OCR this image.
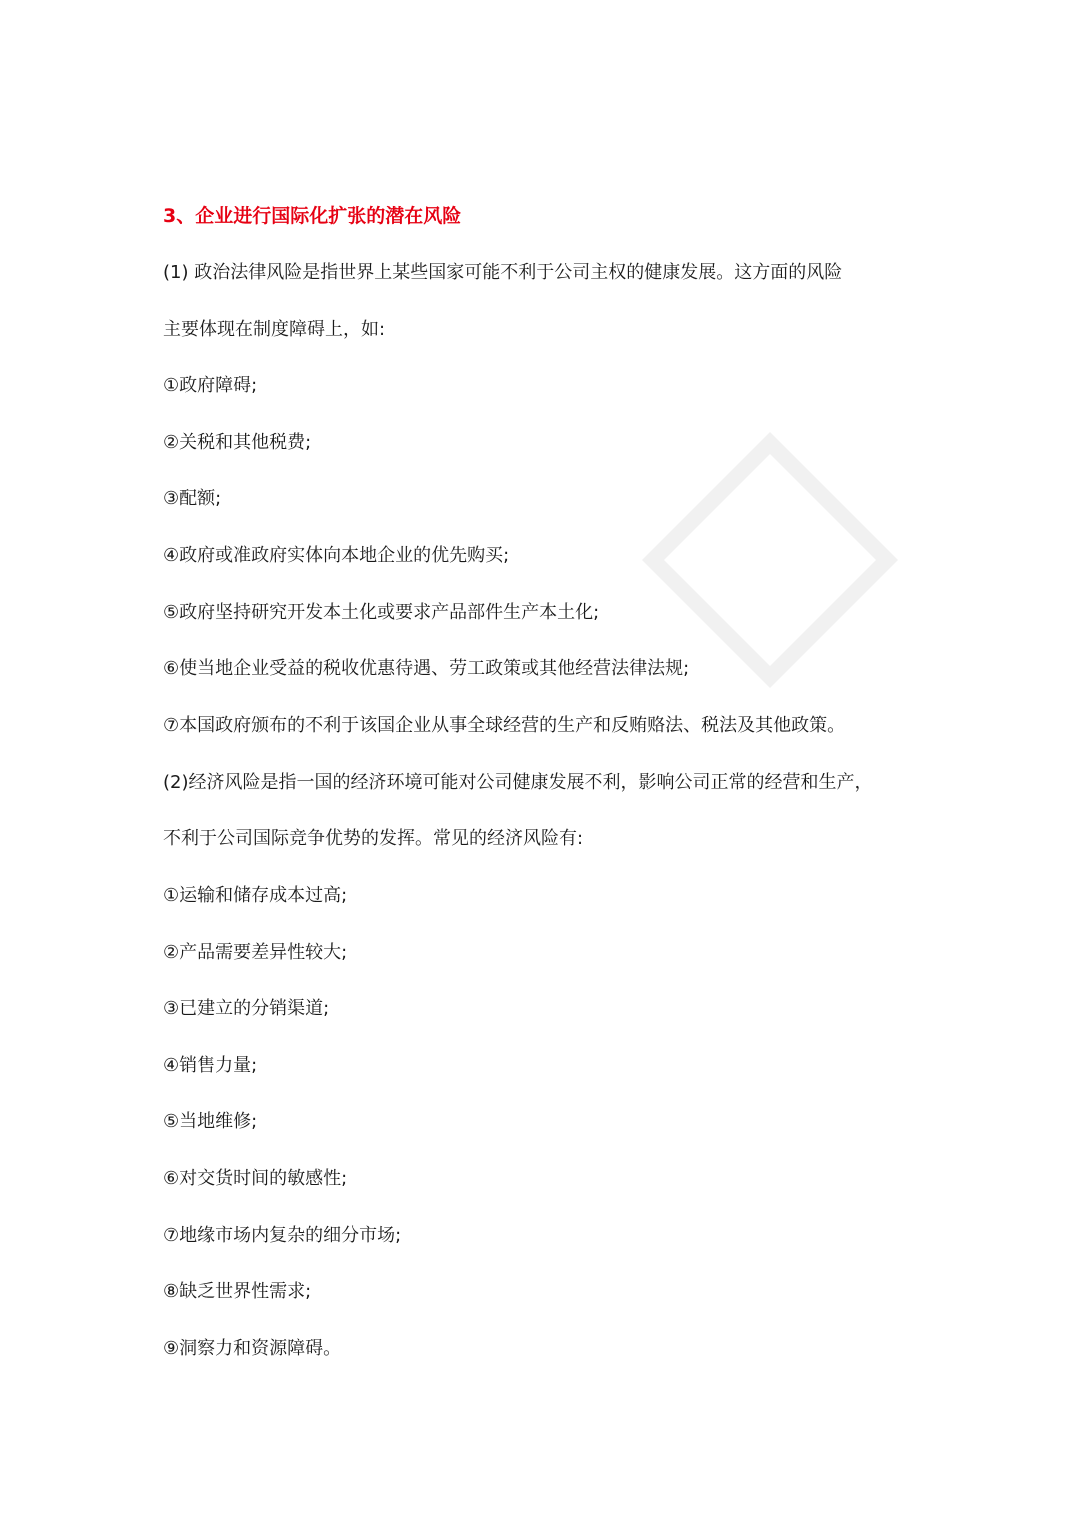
3、企业进行国际化扩张的潜在风险
(1) 政治法律风险是指世界上某些国家可能不利于公司主权的健康发展。这方面的风险
主要体现在制度障碍上，如:
①政府障碍;
②关税和其他税费;
③配额;
④政府或准政府实体向本地企业的优先购买;
⑤政府坚持研究开发本土化或要求产品部件生产本土化;
⑥使当地企业受益的税收优惠待遇、劳工政策或其他经营法律法规;
⑦本国政府颁布的不利于该国企业从事全球经营的生产和反贿赂法、税法及其他政策。
(2)经济风险是指一国的经济环境可能对公司健康发展不利，影响公司正常的经营和生产，
不利于公司国际竞争优势的发挥。常见的经济风险有:
①运输和储存成本过高;
②产品需要差异性较大;
③已建立的分销渠道;
④销售力量;
⑤当地维修;
⑥对交货时间的敏感性;
⑦地缘市场内复杂的细分市场;
⑧缺乏世界性需求;
⑨洞察力和资源障碍。
